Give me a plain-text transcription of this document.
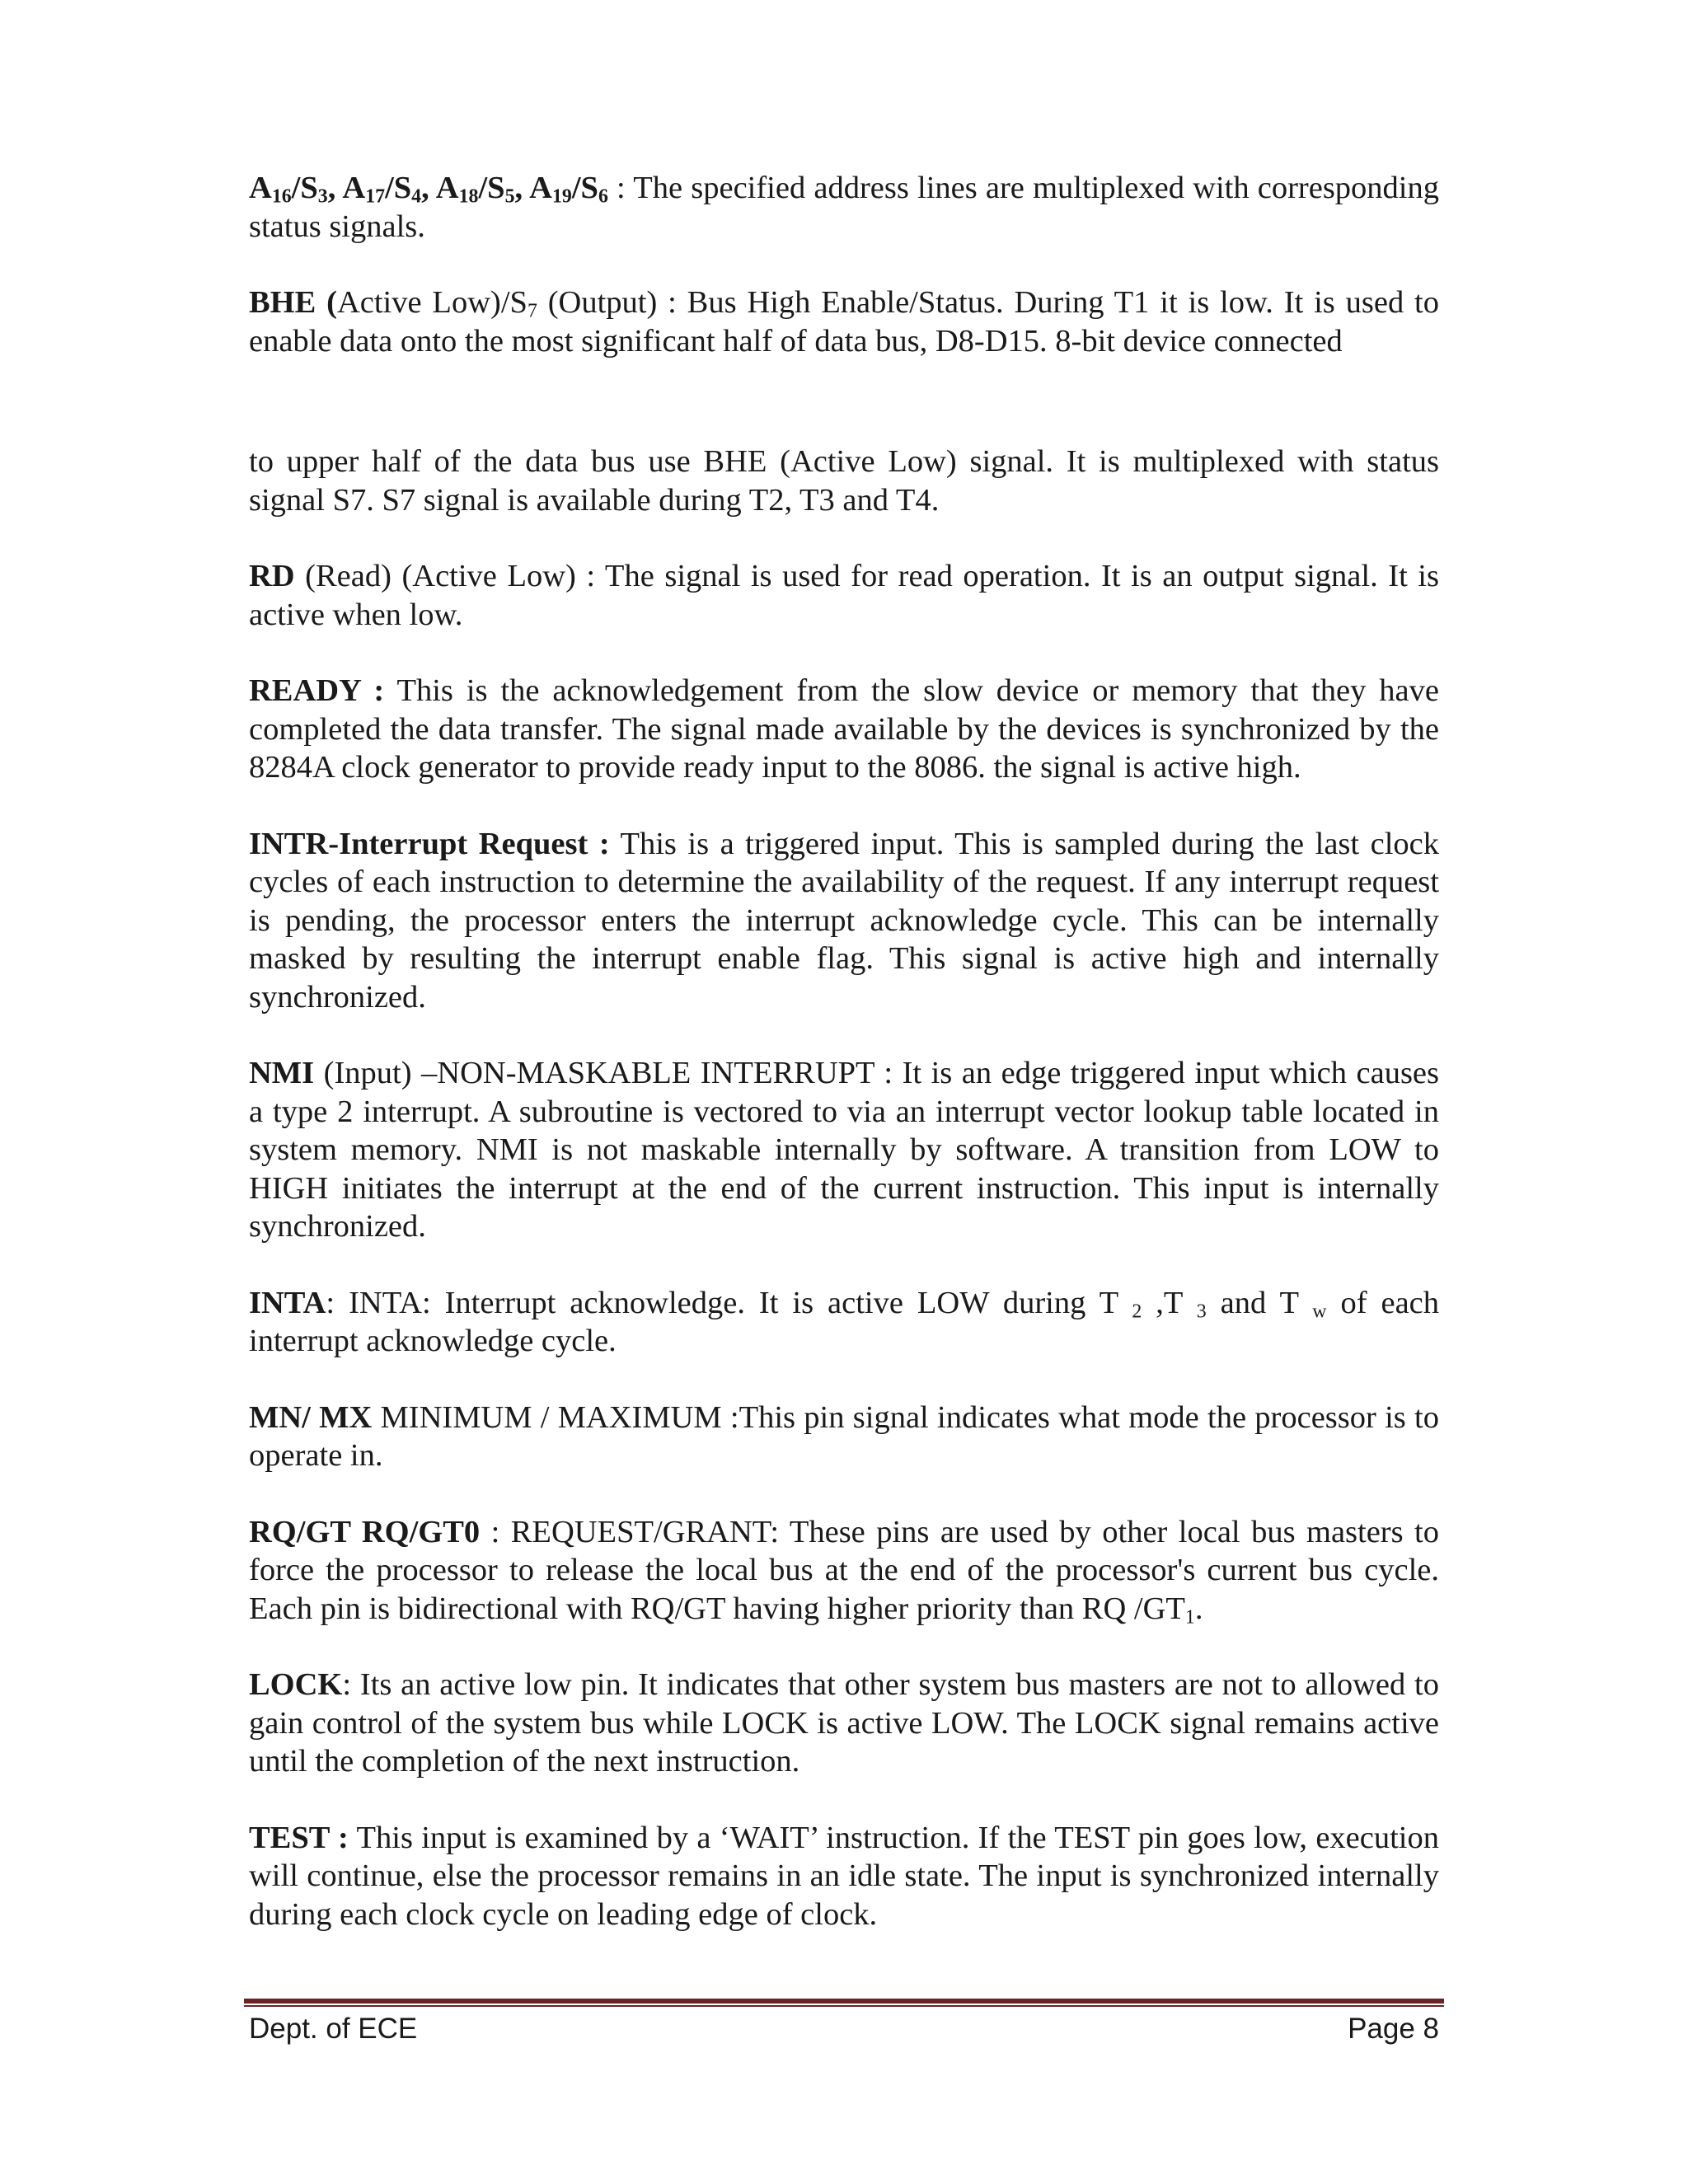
$A_{16}/S_3$, $A_{17}/S_4$, $A_{18}/S_5$, $A_{19}/S_6$ : The specified address lines are multiplexed with corresponding status signals.

BHE (Active $Low)/S_7$ (Output) : Bus High Enable/Status. During T1 it is low. It is used to enable data onto the most significant half of data bus, D8-D15. 8-bit device connected

to upper half of the data bus use BHE (Active Low) signal. It is multiplexed with status signal S7. S7 signal is available during T2, T3 and T4.

RD (Read) (Active Low) : The signal is used for read operation. It is an output signal. It is active when low.

READY : This is the acknowledgement from the slow device or memory that they have completed the data transfer. The signal made available by the devices is synchronized by the 8284A clock generator to provide ready input to the 8086. the signal is active high.

INTR-Interrupt Request : This is a triggered input. This is sampled during the last clock cycles of each instruction to determine the availability of the request. If any interrupt request is pending, the processor enters the interrupt acknowledge cycle. This can be internally masked by resulting the interrupt enable flag. This signal is active high and internally synchronized.

NMI (Input) –NON-MASKABLE INTERRUPT : It is an edge triggered input which causes a type 2 interrupt. A subroutine is vectored to via an interrupt vector lookup table located in system memory. NMI is not maskable internally by software. A transition from LOW to HIGH initiates the interrupt at the end of the current instruction. This input is internally synchronized.

INTA: INTA: Interrupt acknowledge. It is active LOW during T $_2$ ,T $_3$ and T $_w$ of each interrupt acknowledge cycle.

MN/ MX MINIMUM / MAXIMUM :This pin signal indicates what mode the processor is to operate in.

RQ/GT RQ/GT0 : REQUEST/GRANT: These pins are used by other local bus masters to force the processor to release the local bus at the end of the processor's current bus cycle. Each pin is bidirectional with RQ/GT having higher priority than RQ $/GT_1$.

LOCK: Its an active low pin. It indicates that other system bus masters are not to allowed to gain control of the system bus while LOCK is active LOW. The LOCK signal remains active until the completion of the next instruction.

TEST : This input is examined by a ‘WAIT’ instruction. If the TEST pin goes low, execution will continue, else the processor remains in an idle state. The input is synchronized internally during each clock cycle on leading edge of clock.

Dept. of ECE	Page 8
